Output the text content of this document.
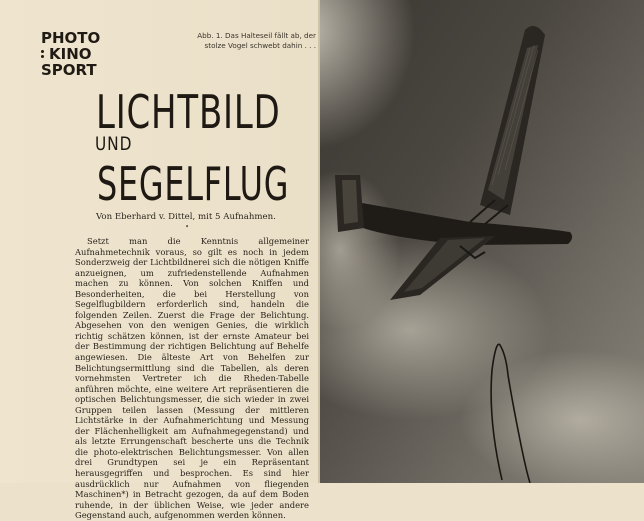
PHOTO
KINO
SPORT
Abb. 1. Das Halteseil fällt ab, der
stolze Vogel schwebt dahin . . .
LICHTBILD
UND
SEGELFLUG
Von Eberhard v. Dittel, mit 5 Aufnahmen.
•
Setzt man die Kenntnis allgemeiner Aufnahmetechnik voraus, so gilt es noch in jedem Sonderzweig der Lichtbildnerei sich die nötigen Kniffe anzueignen, um zufriedenstellende Aufnahmen machen zu können. Von solchen Kniffen und Besonderheiten, die bei Herstellung von Segelflugbildern erforderlich sind, handeln die folgenden Zeilen. Zuerst die Frage der Belichtung. Abgesehen von den wenigen Genies, die wirklich richtig schätzen können, ist der ernste Amateur bei der Bestimmung der richtigen Belichtung auf Behelfe angewiesen. Die älteste Art von Behelfen zur Belichtungsermittlung sind die Tabellen, als deren vornehmsten Vertreter ich die Rheden-Tabelle anführen möchte, eine weitere Art repräsentieren die optischen Belichtungsmesser, die sich wieder in zwei Gruppen teilen lassen (Messung der mittleren Lichtstärke in der Aufnahmerichtung und Messung der Flächenhelligkeit am Aufnahmegegenstand) und als letzte Errungenschaft bescherte uns die Technik die photo-elektrischen Belichtungsmesser. Von allen drei Grundtypen sei je ein Repräsentant herausgegriffen und besprochen. Es sind hier ausdrücklich nur Aufnahmen von fliegenden Maschinen*) in Betracht gezogen, da auf dem Boden ruhende, in der üblichen Weise, wie jeder andere Gegenstand auch, aufgenommen werden können.
